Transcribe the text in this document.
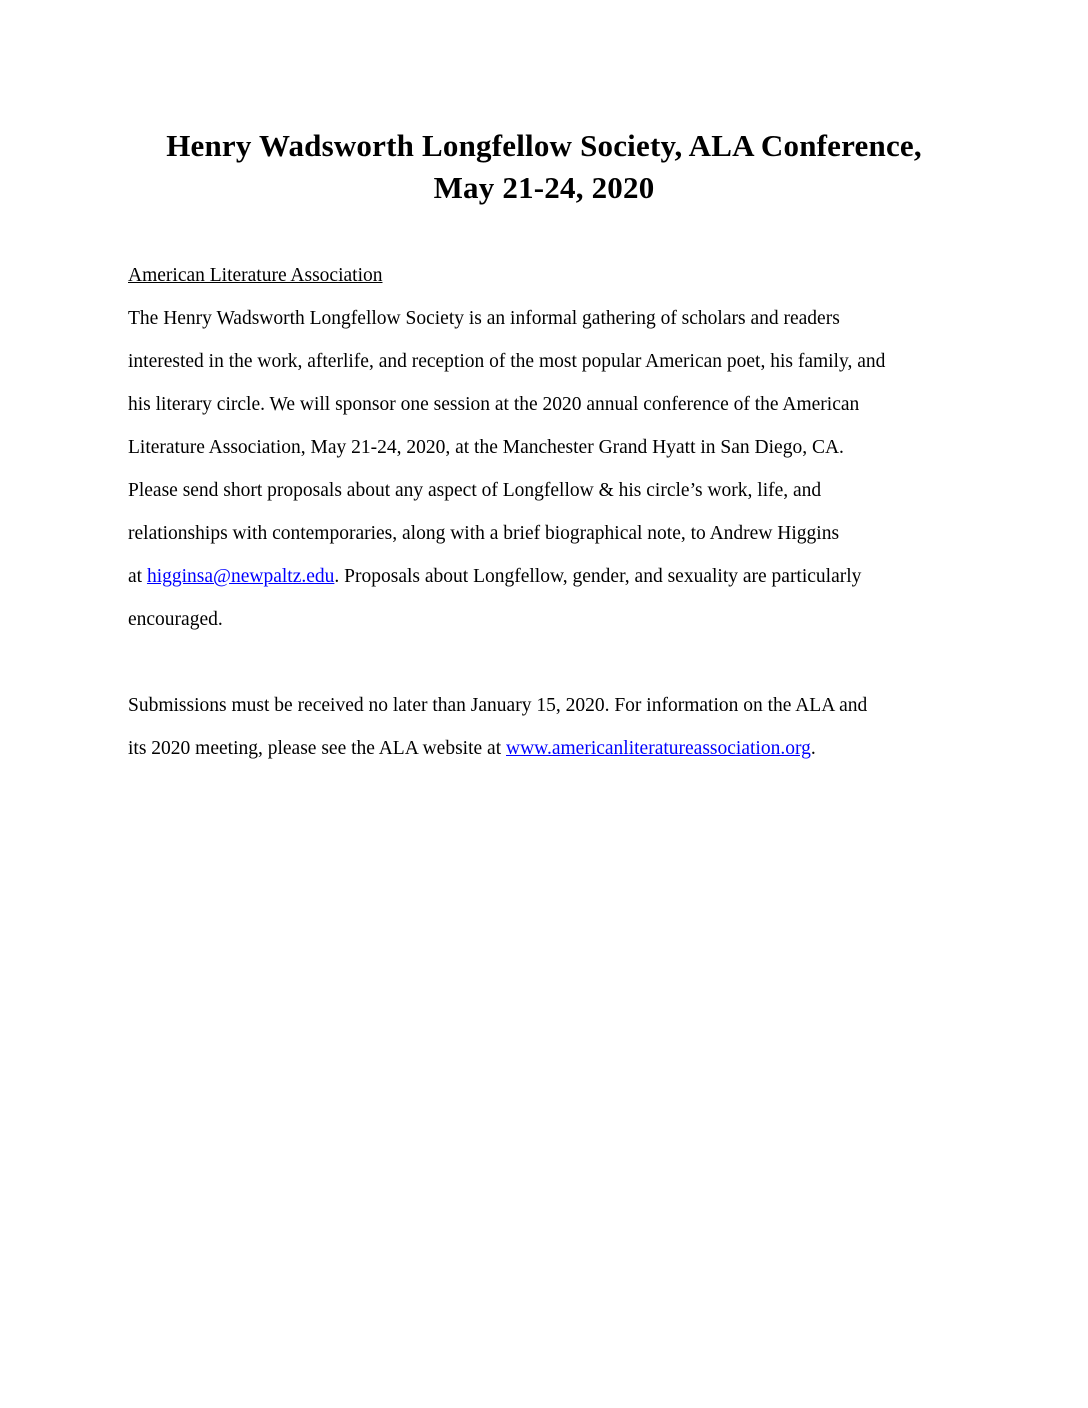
Henry Wadsworth Longfellow Society, ALA Conference,
May 21-24, 2020
American Literature Association
The Henry Wadsworth Longfellow Society is an informal gathering of scholars and readers
interested in the work, afterlife, and reception of the most popular American poet, his family, and
his literary circle. We will sponsor one session at the 2020 annual conference of the American
Literature Association, May 21-24, 2020, at the Manchester Grand Hyatt in San Diego, CA.
Please send short proposals about any aspect of Longfellow & his circle’s work, life, and
relationships with contemporaries, along with a brief biographical note, to Andrew Higgins
at higginsa@newpaltz.edu. Proposals about Longfellow, gender, and sexuality are particularly
encouraged.
Submissions must be received no later than January 15, 2020. For information on the ALA and
its 2020 meeting, please see the ALA website at www.americanliteratureassociation.org.
